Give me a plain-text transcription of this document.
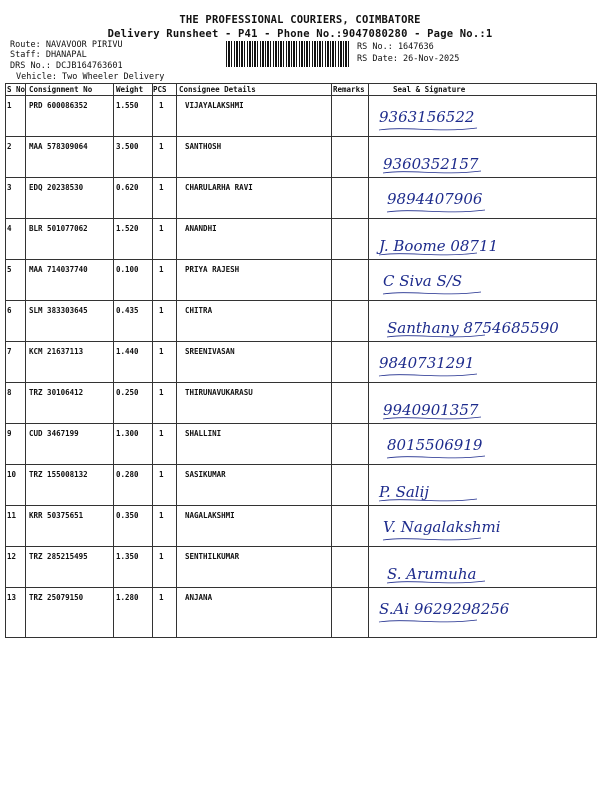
THE PROFESSIONAL COURIERS, COIMBATORE
Delivery Runsheet - P41 - Phone No.:9047080280 - Page No.:1
Route: NAVAVOOR PIRIVU
Staff: DHANAPAL
DRS No.: DCJB164763601
Vehicle: Two Wheeler Delivery
RS No.: 1647636
RS Date: 26-Nov-2025
S No Consignment No	Weight PCS Consignee Details	Remarks	Seal & Signature
1 PRD 600086352	1.550	1	VIJAYALAKSHMI
9363156522
2 MAA 578309064	3.500	1	SANTHOSH
9360352157
3 EDQ 20238530	0.620	1	CHARULARHA RAVI
9894407906
4 BLR 501077062	1.520	1	ANANDHI
J. Boome 08711
5 MAA 714037740	0.100	1	PRIYA RAJESH
C Siva S/S
6 SLM 383303645	0.435	1	CHITRA
Santhany 8754685590
7 KCM 21637113	1.440	1	SREENIVASAN
9840731291
8 TRZ 30106412	0.250	1	THIRUNAVUKARASU
9940901357
9 CUD 3467199	1.300	1	SHALLINI
8015506919
10 TRZ 155008132	0.280	1	SASIKUMAR
P. Salij
11 KRR 50375651	0.350	1	NAGALAKSHMI
V. Nagalakshmi
12 TRZ 285215495	1.350	1	SENTHILKUMAR
S. Arumuha
13 TRZ 25079150	1.280	1	ANJANA
S.Ai 9629298256
